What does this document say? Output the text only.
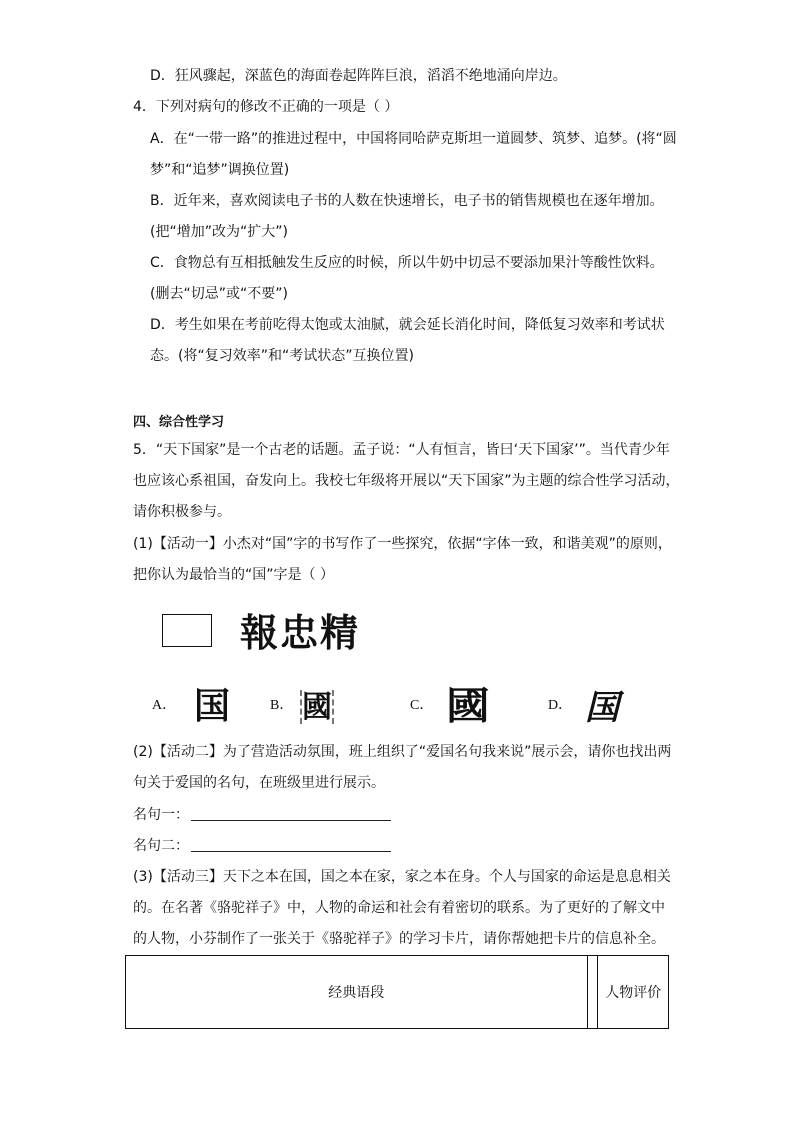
D．狂风骤起，深蓝色的海面卷起阵阵巨浪，滔滔不绝地涌向岸边。
4．下列对病句的修改不正确的一项是（ ）
A．在“一带一路”的推进过程中，中国将同哈萨克斯坦一道圆梦、筑梦、追梦。(将“圆
梦”和“追梦”调换位置)
B．近年来，喜欢阅读电子书的人数在快速增长，电子书的销售规模也在逐年增加。
(把“增加”改为“扩大”)
C．食物总有互相抵触发生反应的时候，所以牛奶中切忌不要添加果汁等酸性饮料。
(删去“切忌”或“不要”)
D．考生如果在考前吃得太饱或太油腻，就会延长消化时间，降低复习效率和考试状
态。(将“复习效率”和“考试状态”互换位置)
四、综合性学习
5．“天下国家”是一个古老的话题。孟子说：“人有恒言，皆曰‘天下国家’”。当代青少年
也应该心系祖国，奋发向上。我校七年级将开展以“天下国家”为主题的综合性学习活动，
请你积极参与。
(1)【活动一】小杰对“国”字的书写作了一些探究，依据“字体一致，和谐美观”的原则，
把你认为最恰当的“国”字是（ ）
報忠精
A． 国	B． 國	C． 國	D． 国
(2)【活动二】为了营造活动氛围，班上组织了“爱国名句我来说”展示会，请你也找出两
句关于爱国的名句，在班级里进行展示。
名句一：
名句二：
(3)【活动三】天下之本在国，国之本在家，家之本在身。个人与国家的命运是息息相关
的。在名著《骆驼祥子》中，人物的命运和社会有着密切的联系。为了更好的了解文中
的人物，小芬制作了一张关于《骆驼祥子》的学习卡片，请你帮她把卡片的信息补全。
经典语段		人物评价
